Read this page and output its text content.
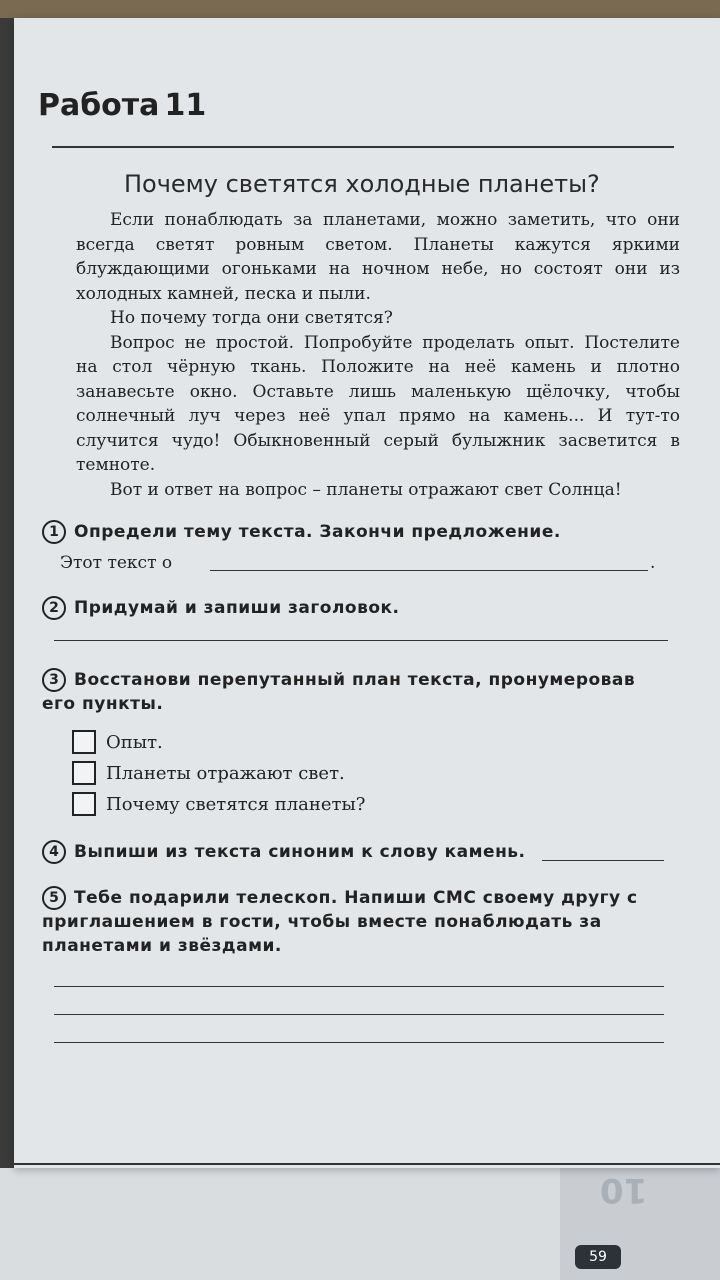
10
59
Работа 11
Почему светятся холодные планеты?

Если понаблюдать за планетами, можно заметить, что они всегда светят ровным светом. Планеты кажутся яркими блуждающими огоньками на ночном небе, но состоят они из холодных камней, песка и пыли.

Но почему тогда они светятся?

Вопрос не простой. Попробуйте проделать опыт. Постелите на стол чёрную ткань. Положите на неё камень и плотно занавесьте окно. Оставьте лишь маленькую щёлочку, чтобы солнечный луч через неё упал прямо на камень... И тут-то случится чудо! Обыкновенный серый булыжник засветится в темноте.

Вот и ответ на вопрос – планеты отражают свет Солнца!

1 Определи тему текста. Закончи предложение.
Этот текст о	.
2 Придумай и запиши заголовок.
3 Восстанови перепутанный план текста, пронумеровав его пункты.
Опыт.
Планеты отражают свет.
Почему светятся планеты?
4 Выпиши из текста синоним к слову камень.
5 Тебе подарили телескоп. Напиши СМС своему другу с приглашением в гости, чтобы вместе понаблюдать за планетами и звёздами.
